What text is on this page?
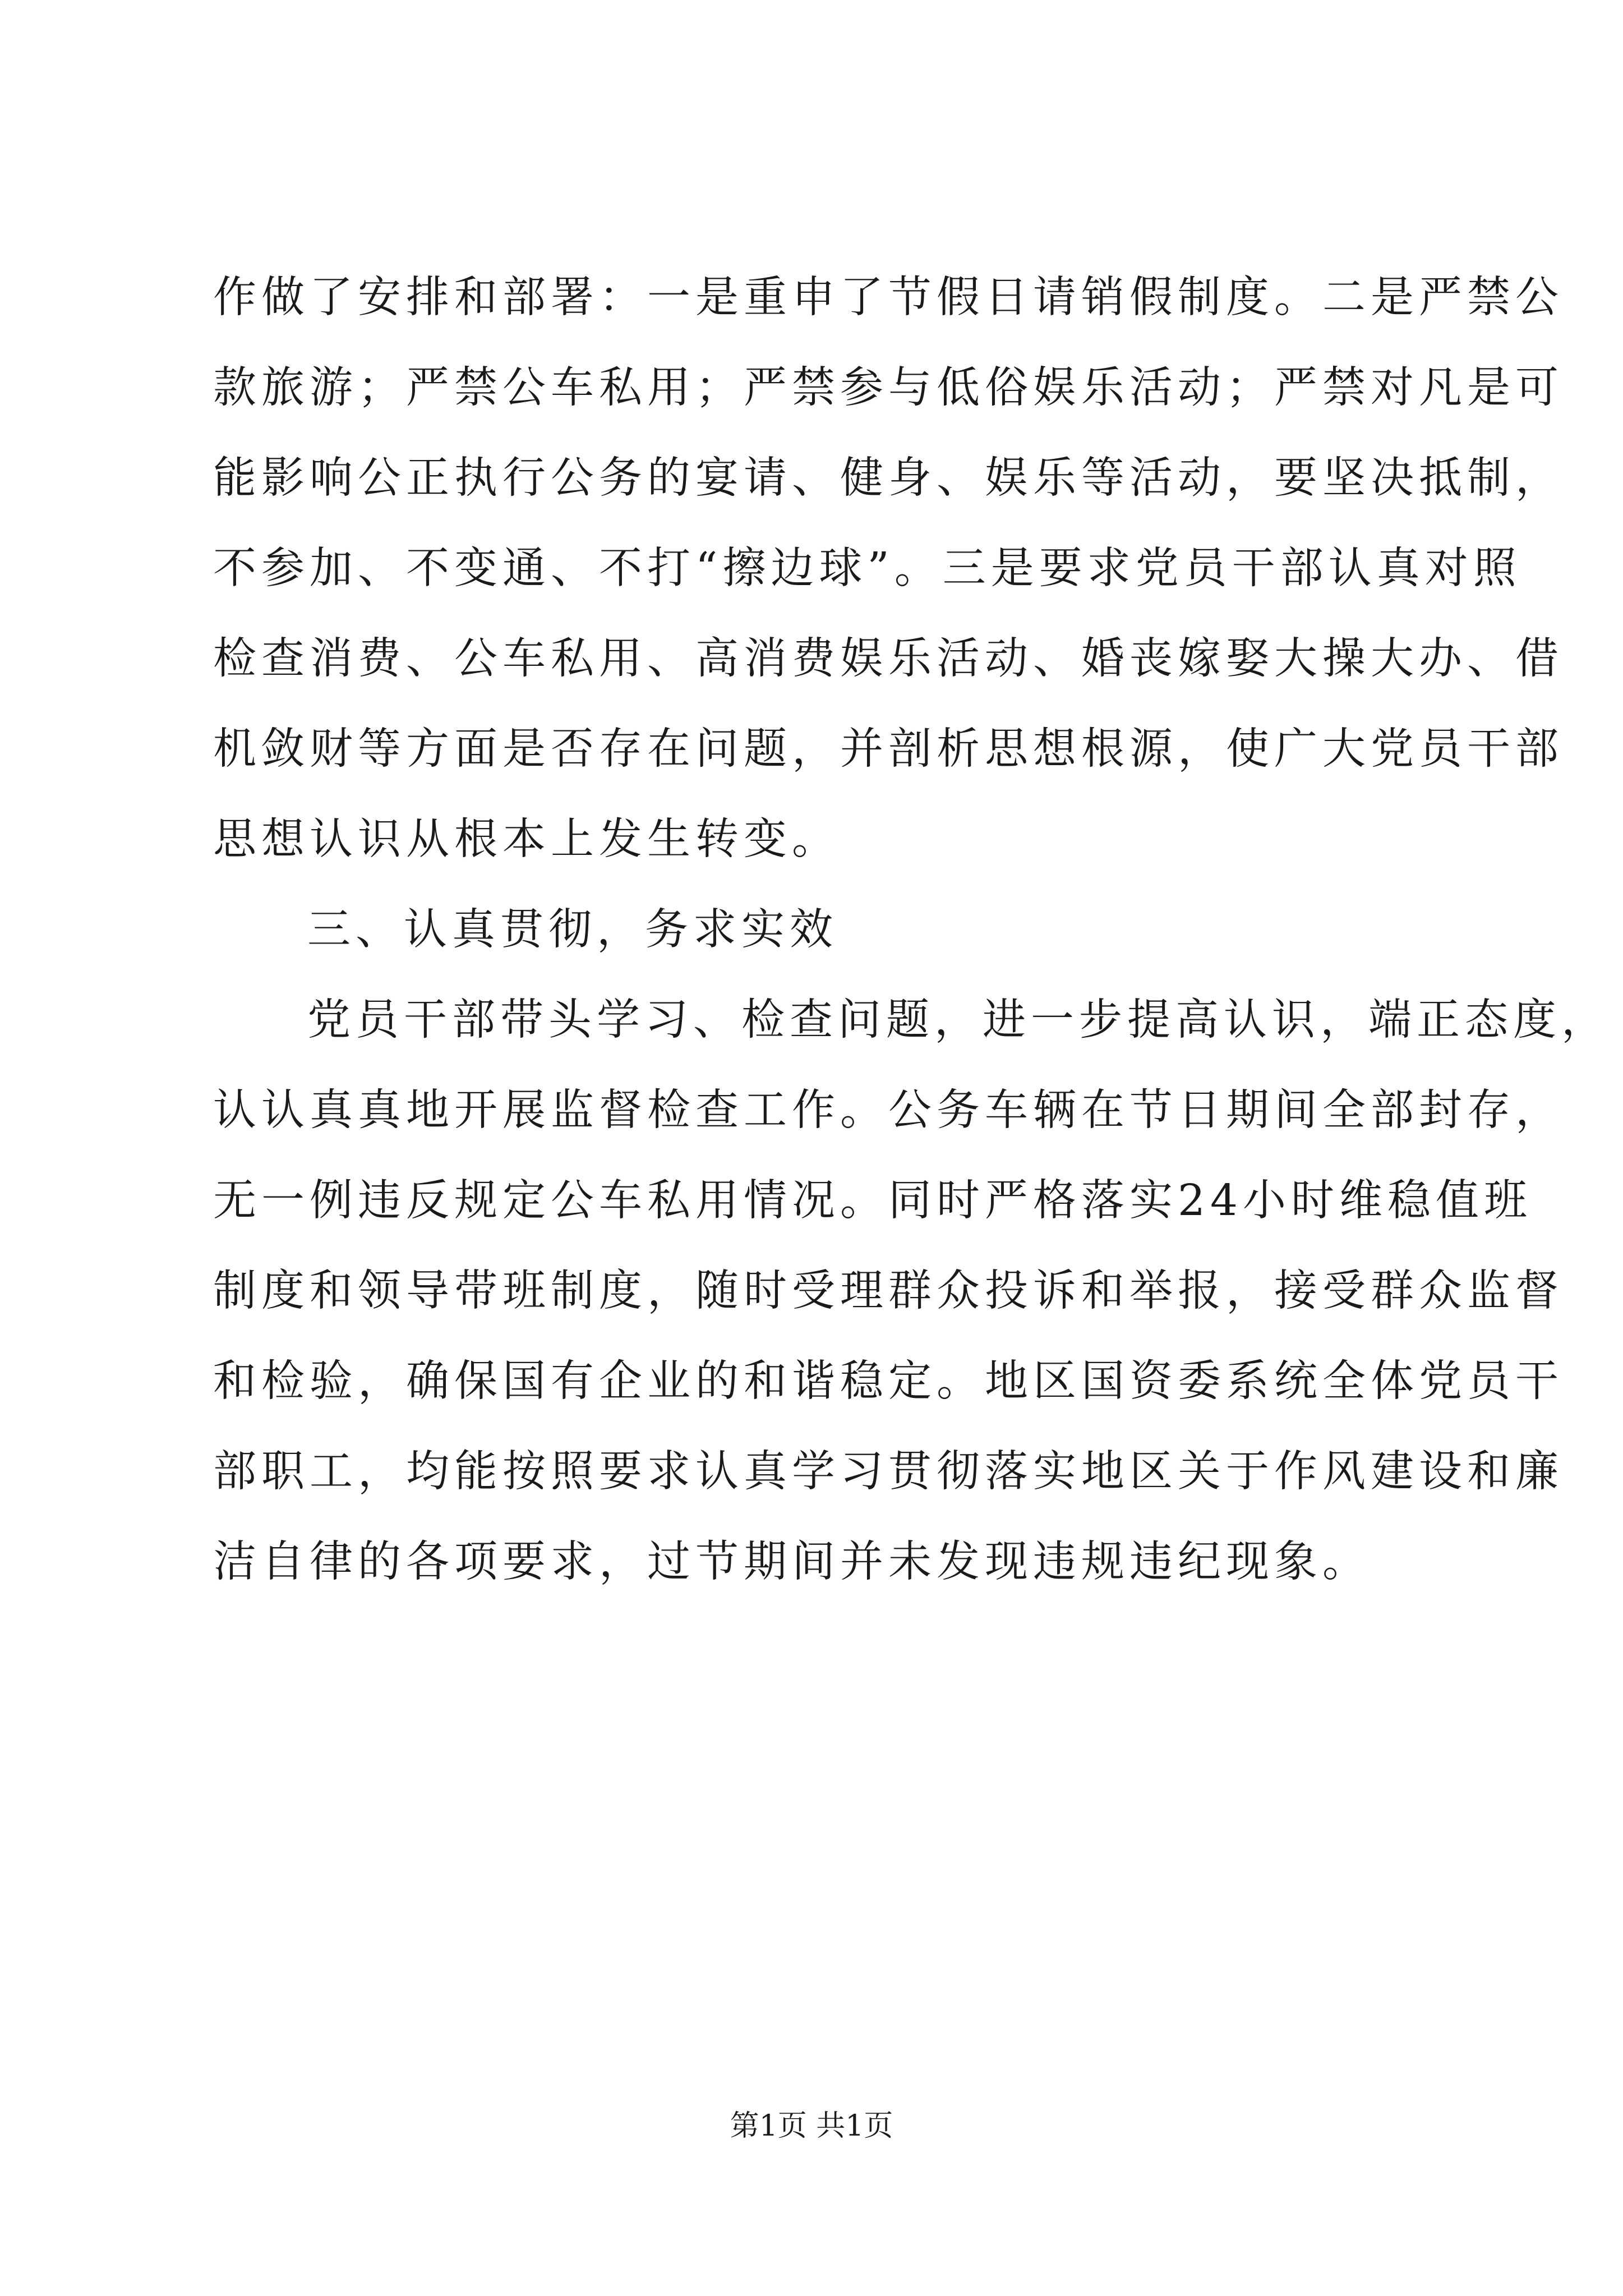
作做了安排和部署：一是重申了节假日请销假制度。二是严禁公
款旅游；严禁公车私用；严禁参与低俗娱乐活动；严禁对凡是可
能影响公正执行公务的宴请、健身、娱乐等活动，要坚决抵制，
不参加、不变通、不打“擦边球”。三是要求党员干部认真对照
检查消费、公车私用、高消费娱乐活动、婚丧嫁娶大操大办、借
机敛财等方面是否存在问题，并剖析思想根源，使广大党员干部
思想认识从根本上发生转变。
三、认真贯彻，务求实效
党员干部带头学习、检查问题，进一步提高认识，端正态度，
认认真真地开展监督检查工作。公务车辆在节日期间全部封存，
无一例违反规定公车私用情况。同时严格落实24小时维稳值班
制度和领导带班制度，随时受理群众投诉和举报，接受群众监督
和检验，确保国有企业的和谐稳定。地区国资委系统全体党员干
部职工，均能按照要求认真学习贯彻落实地区关于作风建设和廉
洁自律的各项要求，过节期间并未发现违规违纪现象。
第1页 共1页
